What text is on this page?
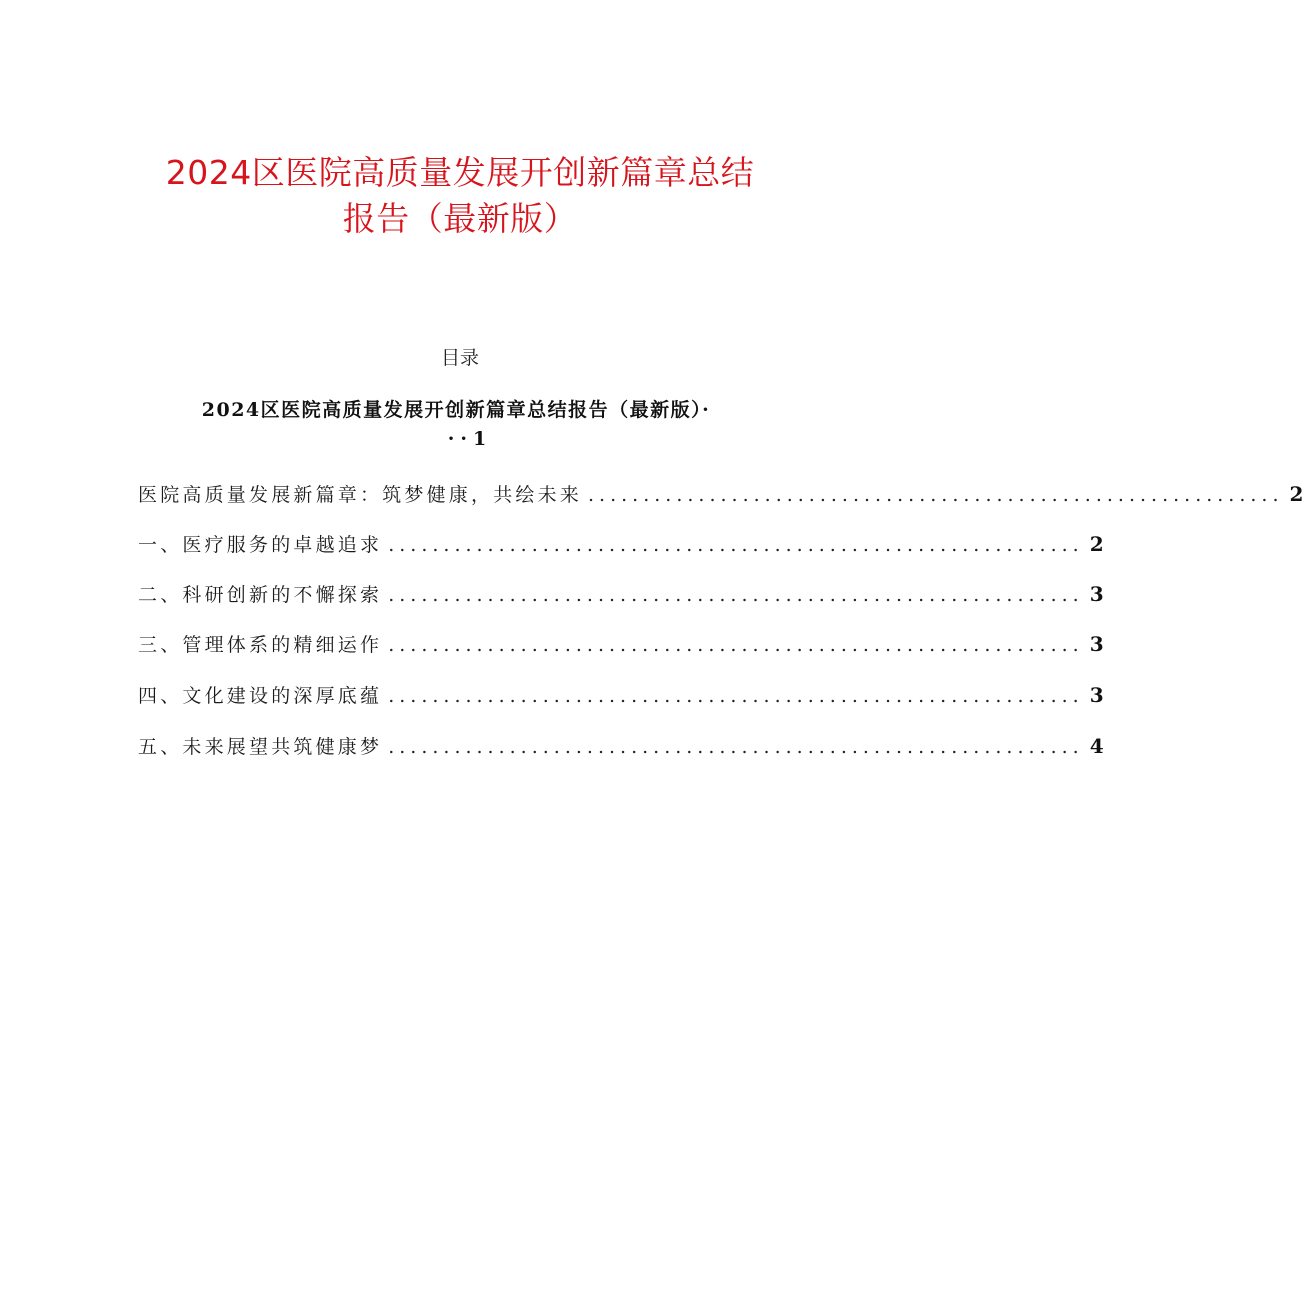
2024区医院高质量发展开创新篇章总结
报告（最新版）
目录
2024区医院高质量发展开创新篇章总结报告（最新版）·
··1
医院高质量发展新篇章：筑梦健康，共绘未来 ............................................................... 2
一、医疗服务的卓越追求 ............................................................... 2
二、科研创新的不懈探索 ............................................................... 3
三、管理体系的精细运作 ............................................................... 3
四、文化建设的深厚底蕴 ............................................................... 3
五、未来展望共筑健康梦 ............................................................... 4
